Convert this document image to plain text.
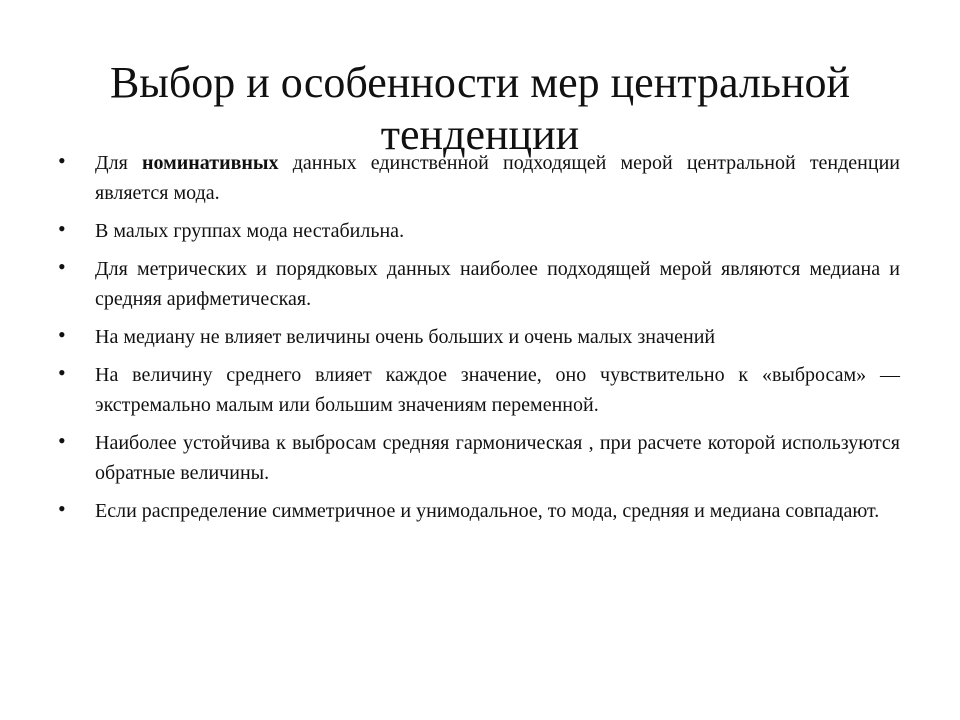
Выбор и особенности мер центральной тенденции
• Для номинативных данных единственной подходящей мерой центральной тенденции является мода.
• В малых группах мода нестабильна.
• Для метрических и порядковых данных наиболее подходящей мерой являются медиана и средняя арифметическая.
• На медиану не влияет величины очень больших и очень малых значений
• На величину среднего влияет каждое значение, оно чувствительно к «выбросам» — экстремально малым или большим значениям переменной.
• Наиболее устойчива к выбросам средняя гармоническая , при расчете которой используются обратные величины.
• Если распределение симметричное и унимодальное, то мода, средняя и медиана совпадают.
